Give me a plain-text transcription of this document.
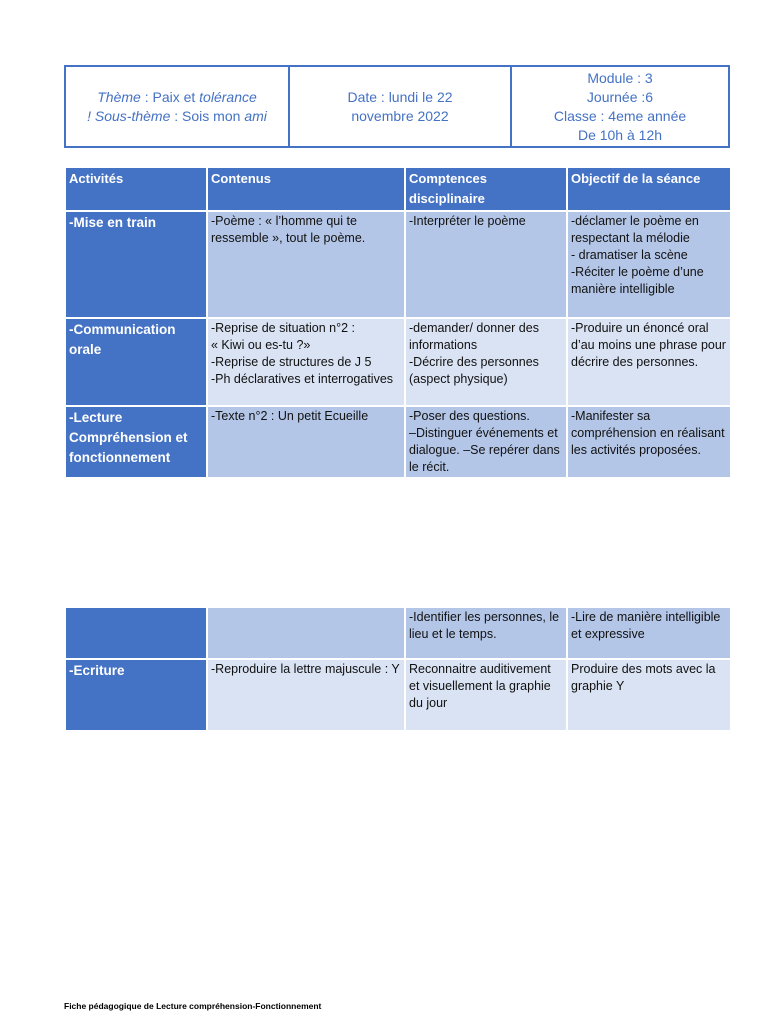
Thème : Paix et tolérance
! Sous-thème : Sois mon ami
Date : lundi le 22
novembre 2022
Module : 3
Journée :6
Classe : 4eme année
De 10h à 12h
Activités	Contenus	Comptences disciplinaire	Objectif de la séance

-Mise en train	-Poème : « l’homme qui te ressemble », tout le poème.	-Interpréter le poème	-déclamer le poème en respectant la mélodie
- dramatiser la scène
-Réciter le poème d’une manière intelligible

-Communication orale	-Reprise de situation n°2 :
« Kiwi ou es-tu ?»
-Reprise de structures de J 5
-Ph déclaratives et interrogatives	-demander/ donner des informations
-Décrire des personnes (aspect physique)	-Produire un énoncé oral d’au moins une phrase pour décrire des personnes.

-Lecture Compréhension et fonctionnement	-Texte n°2 : Un petit Ecueille	-Poser des questions.
–Distinguer événements et dialogue. –Se repérer dans le récit.	-Manifester sa compréhension en réalisant les activités proposées.

		-Identifier les personnes, le lieu et le temps.	-Lire de manière intelligible et expressive

-Ecriture	-Reproduire la lettre majuscule : Y	Reconnaitre auditivement et visuellement la graphie du jour	Produire des mots avec la graphie Y
Fiche pédagogique de Lecture compréhension-Fonctionnement
